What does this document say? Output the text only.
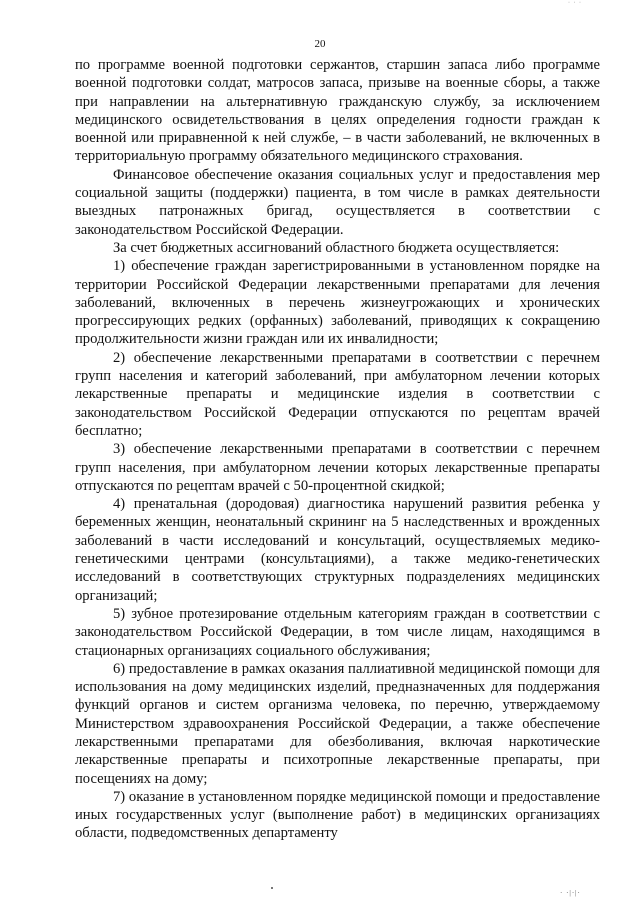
· · ·
20

по программе военной подготовки сержантов, старшин запаса либо программе военной подготовки солдат, матросов запаса, призыве на военные сборы, а также при направлении на альтернативную гражданскую службу, за исключением медицинского освидетельствования в целях определения годности граждан к военной или приравненной к ней службе, – в части заболеваний, не включенных в территориальную программу обязательного медицинского страхования.

Финансовое обеспечение оказания социальных услуг и предоставления мер социальной защиты (поддержки) пациента, в том числе в рамках деятельности выездных патронажных бригад, осуществляется в соответствии с законодательством Российской Федерации.

За счет бюджетных ассигнований областного бюджета осуществляется:

1) обеспечение граждан зарегистрированными в установленном порядке на территории Российской Федерации лекарственными препаратами для лечения заболеваний, включенных в перечень жизнеугрожающих и хронических прогрессирующих редких (орфанных) заболеваний, приводящих к сокращению продолжительности жизни граждан или их инвалидности;

2) обеспечение лекарственными препаратами в соответствии с перечнем групп населения и категорий заболеваний, при амбулаторном лечении которых лекарственные препараты и медицинские изделия в соответствии с законодательством Российской Федерации отпускаются по рецептам врачей бесплатно;

3) обеспечение лекарственными препаратами в соответствии с перечнем групп населения, при амбулаторном лечении которых лекарственные препараты отпускаются по рецептам врачей с 50-процентной скидкой;

4) пренатальная (дородовая) диагностика нарушений развития ребенка у беременных женщин, неонатальный скрининг на 5 наследственных и врожденных заболеваний в части исследований и консультаций, осуществляемых медико-генетическими центрами (консультациями), а также медико-генетических исследований в соответствующих структурных подразделениях медицинских организаций;

5) зубное протезирование отдельным категориям граждан в соответствии с законодательством Российской Федерации, в том числе лицам, находящимся в стационарных организациях социального обслуживания;

6) предоставление в рамках оказания паллиативной медицинской помощи для использования на дому медицинских изделий, предназначенных для поддержания функций органов и систем организма человека, по перечню, утверждаемому Министерством здравоохранения Российской Федерации, а также обеспечение лекарственными препаратами для обезболивания, включая наркотические лекарственные препараты и психотропные лекарственные препараты, при посещениях на дому;

7) оказание в установленном порядке медицинской помощи и предоставление иных государственных услуг (выполнение работ) в медицинских организациях области, подведомственных департаменту

· ·|·|·
